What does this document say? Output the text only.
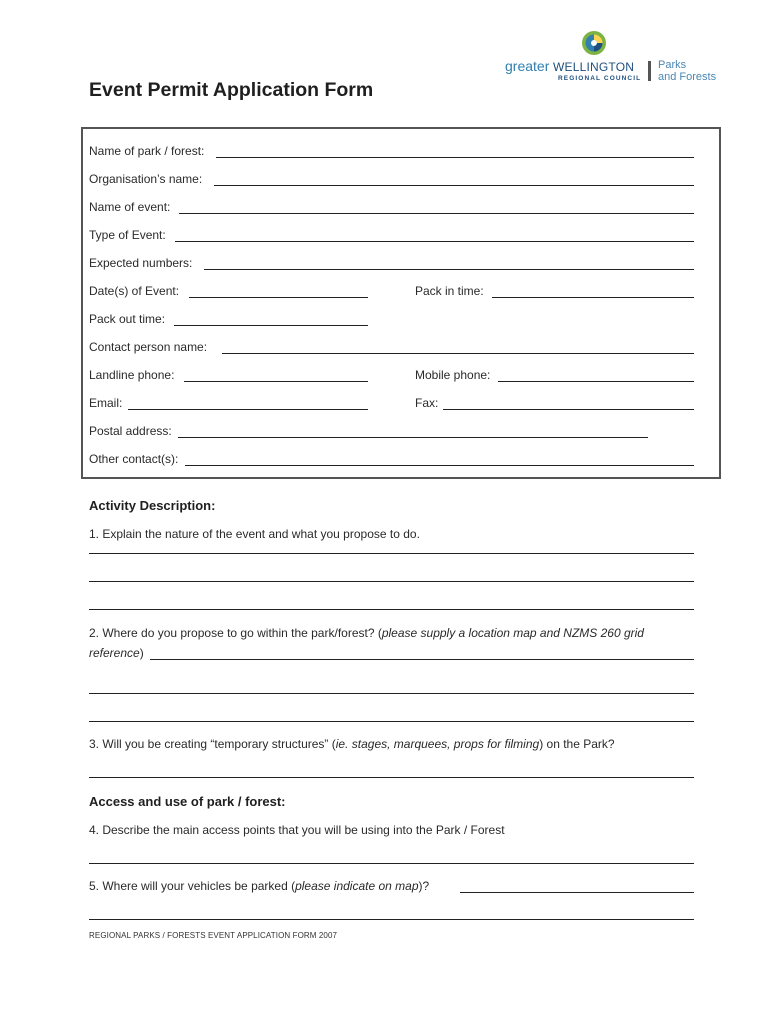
Event Permit Application Form
greater WELLINGTON
REGIONAL COUNCIL
Parks
and Forests
Name of park / forest:
Organisation’s name:
Name of event:
Type of Event:
Expected numbers:
Date(s) of Event:	Pack in time:
Pack out time:
Contact person name:
Landline phone:	Mobile phone:
Email:	Fax:
Postal address:
Other contact(s):
Activity Description:
1. Explain the nature of the event and what you propose to do.
2. Where do you propose to go within the park/forest? (please supply a location map and NZMS 260 grid
reference)
3. Will you be creating “temporary structures” (ie. stages, marquees, props for filming) on the Park?
Access and use of park / forest:
4. Describe the main access points that you will be using into the Park / Forest
5. Where will your vehicles be parked (please indicate on map)?
REGIONAL PARKS / FORESTS EVENT APPLICATION FORM 2007
